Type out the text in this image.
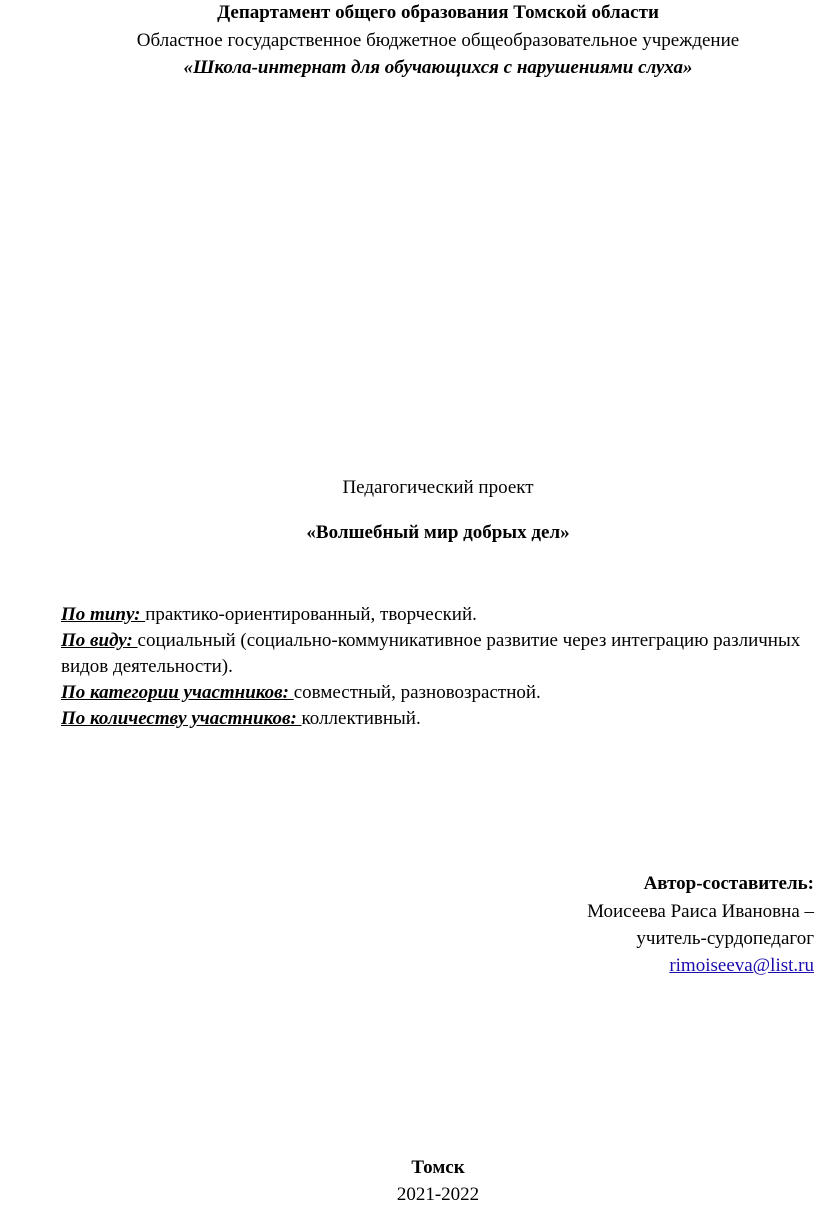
Департамент общего образования Томской области
Областное государственное бюджетное общеобразовательное учреждение
«Школа-интернат для обучающихся с нарушениями слуха»
Педагогический проект
«Волшебный мир добрых дел»

По типу: практико-ориентированный, творческий.

По виду: социальный (социально-коммуникативное развитие через интеграцию различных видов деятельности).

По категории участников: совместный, разновозрастной.

По количеству участников: коллективный.

Автор-составитель:
Моисеева Раиса Ивановна –
учитель-сурдопедагог
rimoiseeva@list.ru
Томск
2021-2022
